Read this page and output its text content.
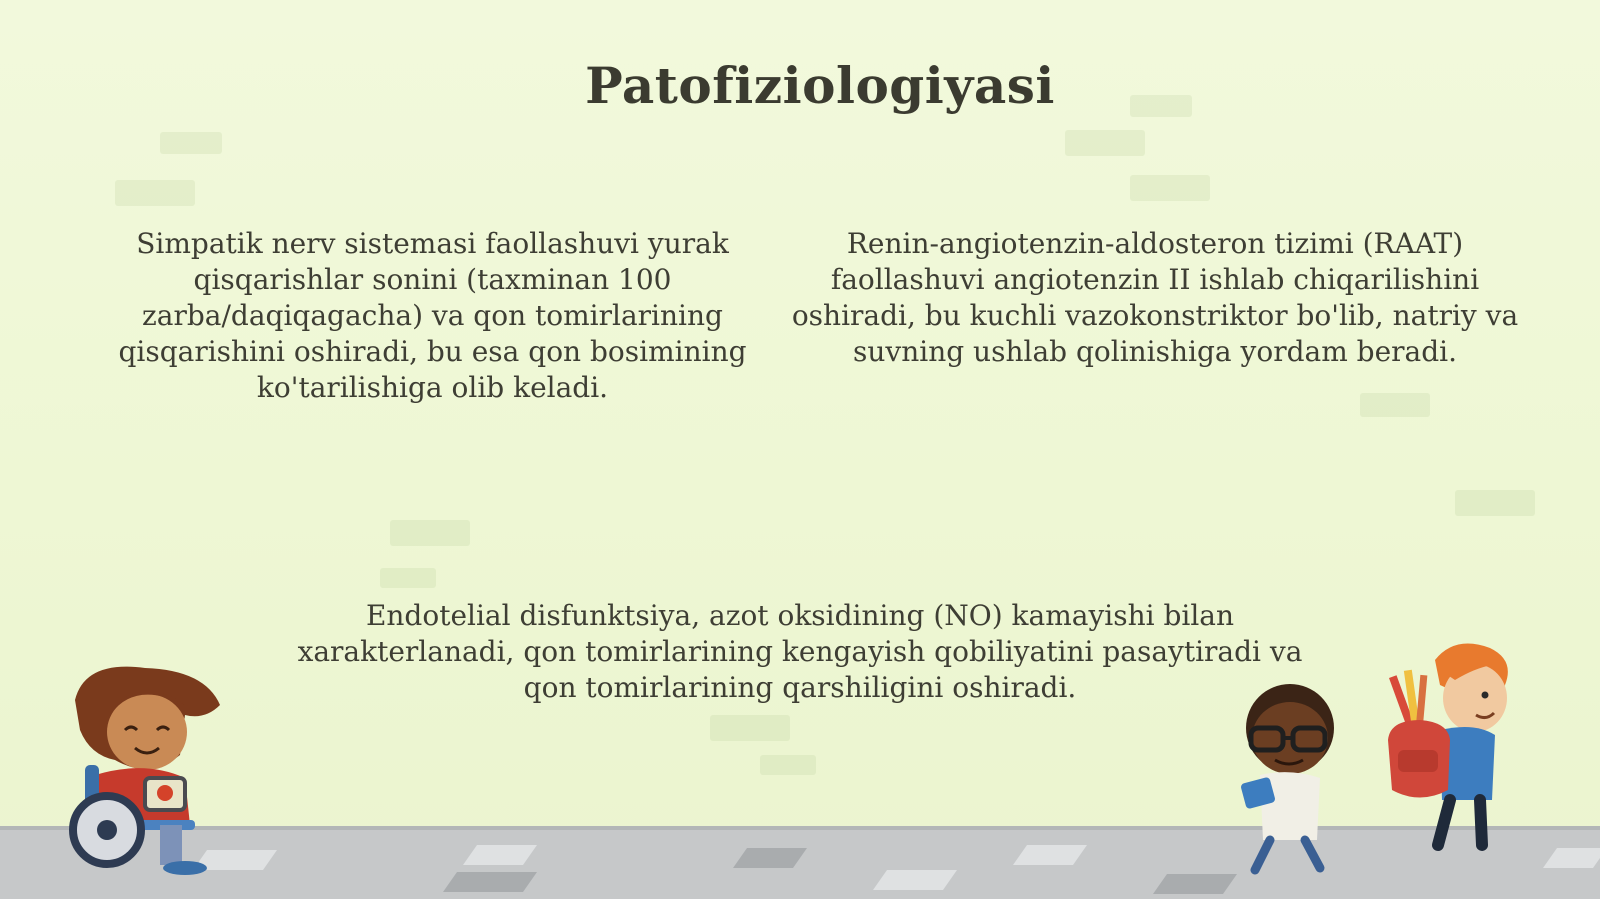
Patofiziologiyasi
Simpatik nerv sistemasi faollashuvi yurak qisqarishlar sonini (taxminan 100 zarba/daqiqagacha) va qon tomirlarining qisqarishini oshiradi, bu esa qon bosimining ko'tarilishiga olib keladi.
Renin-angiotenzin-aldosteron tizimi (RAAT) faollashuvi angiotenzin II ishlab chiqarilishini oshiradi, bu kuchli vazokonstriktor bo'lib, natriy va suvning ushlab qolinishiga yordam beradi.
Endotelial disfunktsiya, azot oksidining (NO) kamayishi bilan xarakterlanadi, qon tomirlarining kengayish qobiliyatini pasaytiradi va qon tomirlarining qarshiligini oshiradi.
